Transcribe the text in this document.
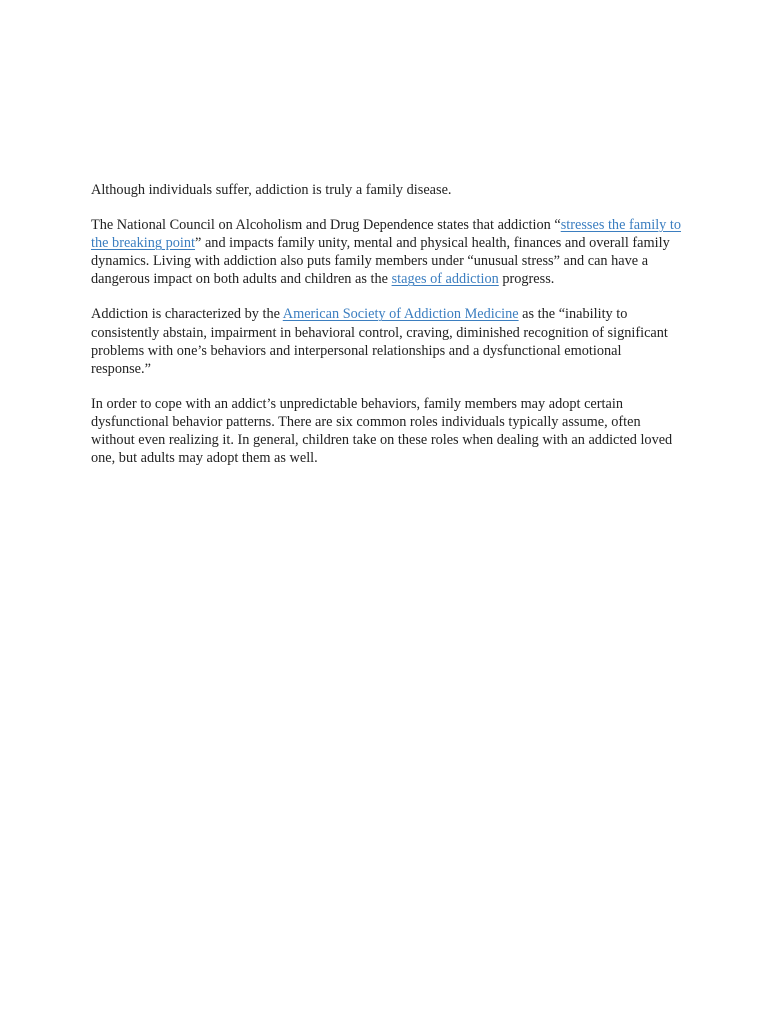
Although individuals suffer, addiction is truly a family disease.

The National Council on Alcoholism and Drug Dependence states that addiction “stresses the family to the breaking point” and impacts family unity, mental and physical health, finances and overall family dynamics. Living with addiction also puts family members under “unusual stress” and can have a dangerous impact on both adults and children as the stages of addiction progress.

Addiction is characterized by the American Society of Addiction Medicine as the “inability to consistently abstain, impairment in behavioral control, craving, diminished recognition of significant problems with one’s behaviors and interpersonal relationships and a dysfunctional emotional response.”

In order to cope with an addict’s unpredictable behaviors, family members may adopt certain dysfunctional behavior patterns. There are six common roles individuals typically assume, often without even realizing it. In general, children take on these roles when dealing with an addicted loved one, but adults may adopt them as well.
